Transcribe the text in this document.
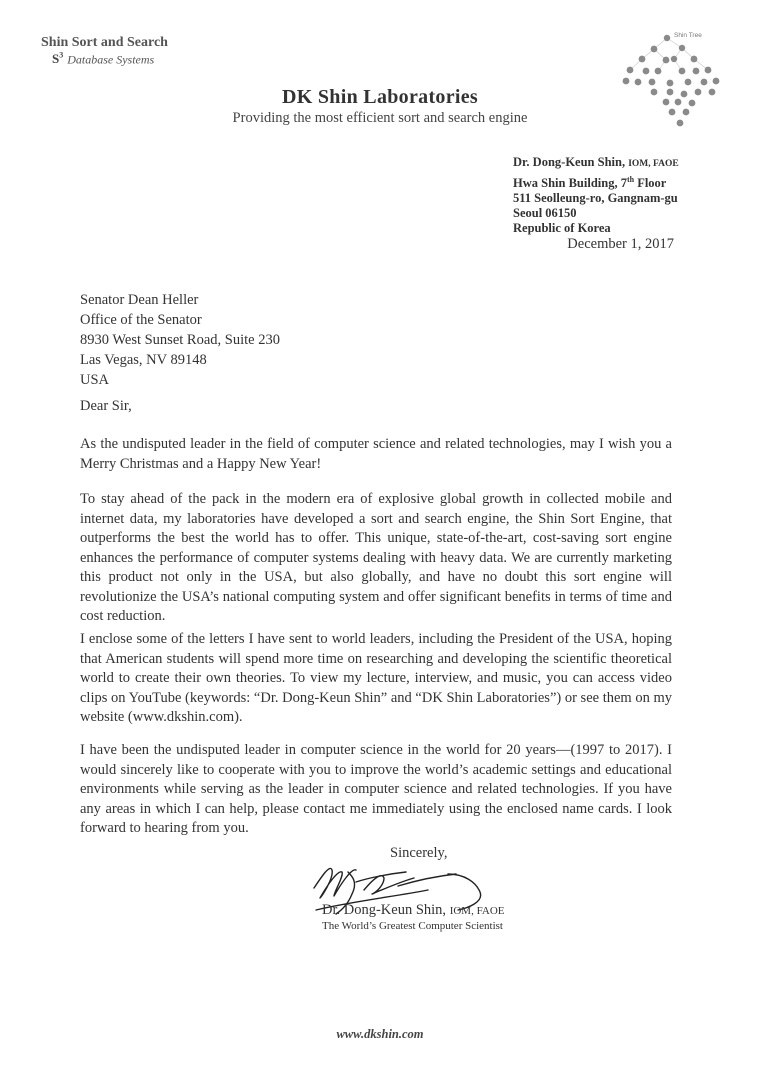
Shin Sort and Search
$S^3$ Database Systems
Shin Tree
DK Shin Laboratories
Providing the most efficient sort and search engine
Dr. Dong-Keun Shin, IOM, FAOE
Hwa Shin Building, 7th Floor
511 Seolleung-ro, Gangnam-gu
Seoul 06150
Republic of Korea
December 1, 2017
Senator Dean Heller
Office of the Senator
8930 West Sunset Road, Suite 230
Las Vegas, NV 89148
USA
Dear Sir,

As the undisputed leader in the field of computer science and related technologies, may I wish you a Merry Christmas and a Happy New Year!

To stay ahead of the pack in the modern era of explosive global growth in collected mobile and internet data, my laboratories have developed a sort and search engine, the Shin Sort Engine, that outperforms the best the world has to offer. This unique, state-of-the-art, cost-saving sort engine enhances the performance of computer systems dealing with heavy data. We are currently marketing this product not only in the USA, but also globally, and have no doubt this sort engine will revolutionize the USA’s national computing system and offer significant benefits in terms of time and cost reduction.

I enclose some of the letters I have sent to world leaders, including the President of the USA, hoping that American students will spend more time on researching and developing the scientific theoretical world to create their own theories. To view my lecture, interview, and music, you can access video clips on YouTube (keywords: “Dr. Dong-Keun Shin” and “DK Shin Laboratories”) or see them on my website (www.dkshin.com).

I have been the undisputed leader in computer science in the world for 20 years—(1997 to 2017). I would sincerely like to cooperate with you to improve the world’s academic settings and educational environments while serving as the leader in computer science and related technologies. If you have any areas in which I can help, please contact me immediately using the enclosed name cards. I look forward to hearing from you.

Sincerely,
Dr. Dong-Keun Shin, IOM, FAOE
The World’s Greatest Computer Scientist
www.dkshin.com
